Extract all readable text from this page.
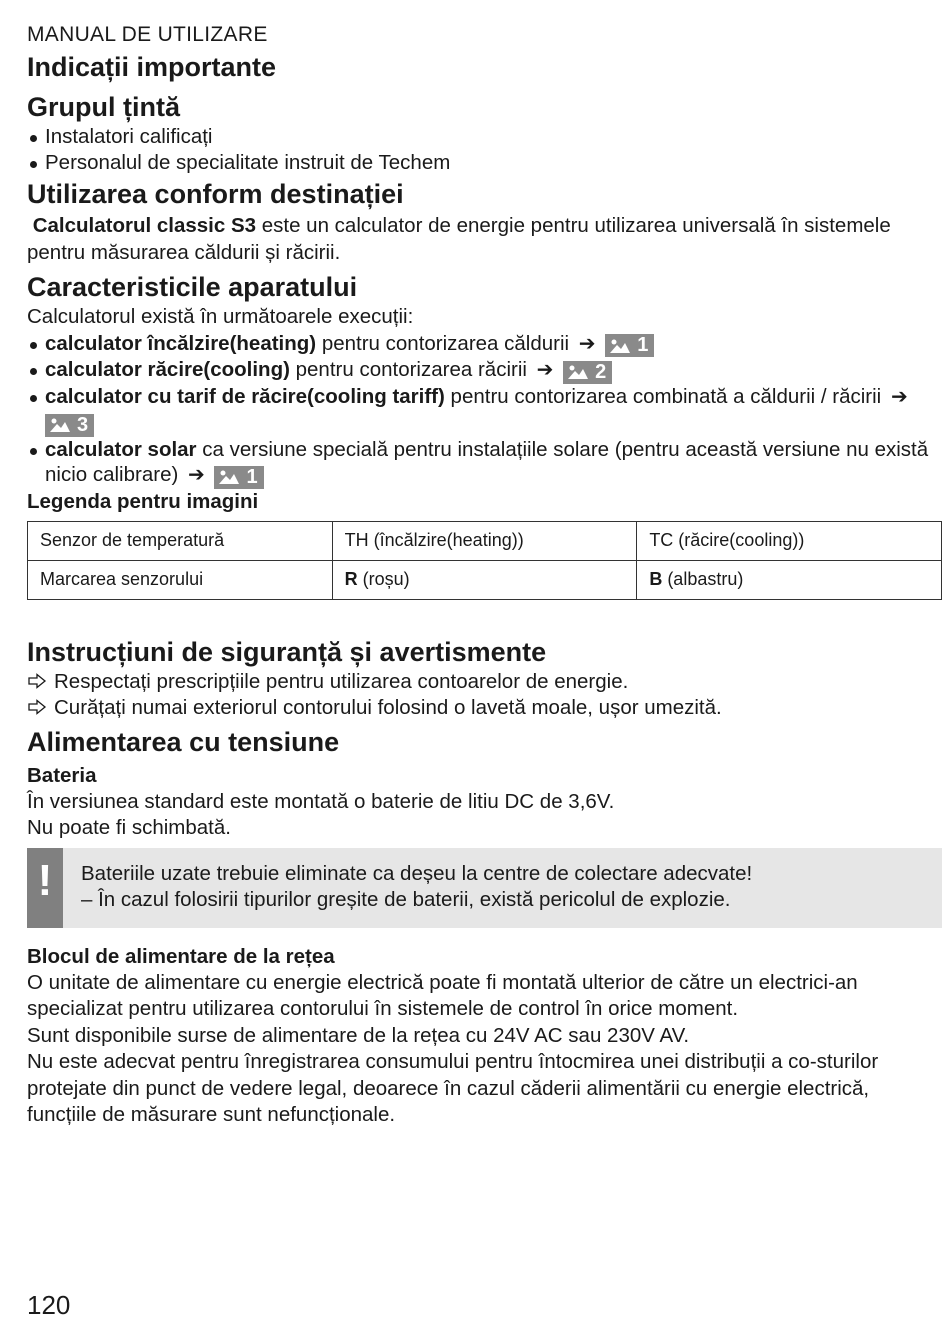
MANUAL DE UTILIZARE

Indicații importante
Grupul țintă
Instalatori calificați
Personalul de specialitate instruit de Techem
Utilizarea conform destinației
Calculatorul classic S3 este un calculator de energie pentru utilizarea universală în sistemele pentru măsurarea căldurii și răcirii.
Caracteristicile aparatului
Calculatorul există în următoarele execuții:
calculator încălzire(heating) pentru contorizarea căldurii ➔ 1
calculator răcire(cooling) pentru contorizarea răcirii ➔ 2
calculator cu tarif de răcire(cooling tariff) pentru contorizarea combinată a căldurii / răcirii ➔
3
calculator solar ca versiune specială pentru instalațiile solare (pentru această versiune nu există nicio calibrare) ➔ 1
Legenda pentru imagini
Senzor de temperatură	TH (încălzire(heating))	TC (răcire(cooling))
Marcarea senzorului	R (roșu)	B (albastru)
Instrucțiuni de siguranță și avertismente
Respectați prescripțiile pentru utilizarea contoarelor de energie.
Curățați numai exteriorul contorului folosind o lavetă moale, ușor umezită.
Alimentarea cu tensiune
Bateria
În versiunea standard este montată o baterie de litiu DC de 3,6V.
Nu poate fi schimbată.
!	Bateriile uzate trebuie eliminate ca deșeu la centre de colectare adecvate!
– În cazul folosirii tipurilor greșite de baterii, există pericolul de explozie.
Blocul de alimentare de la rețea
O unitate de alimentare cu energie electrică poate fi montată ulterior de către un electrici-an specializat pentru utilizarea contorului în sistemele de control în orice moment.
Sunt disponibile surse de alimentare de la rețea cu 24V AC sau 230V AV.
Nu este adecvat pentru înregistrarea consumului pentru întocmirea unei distribuții a co-sturilor protejate din punct de vedere legal, deoarece în cazul căderii alimentării cu energie electrică, funcțiile de măsurare sunt nefuncționale.
120
